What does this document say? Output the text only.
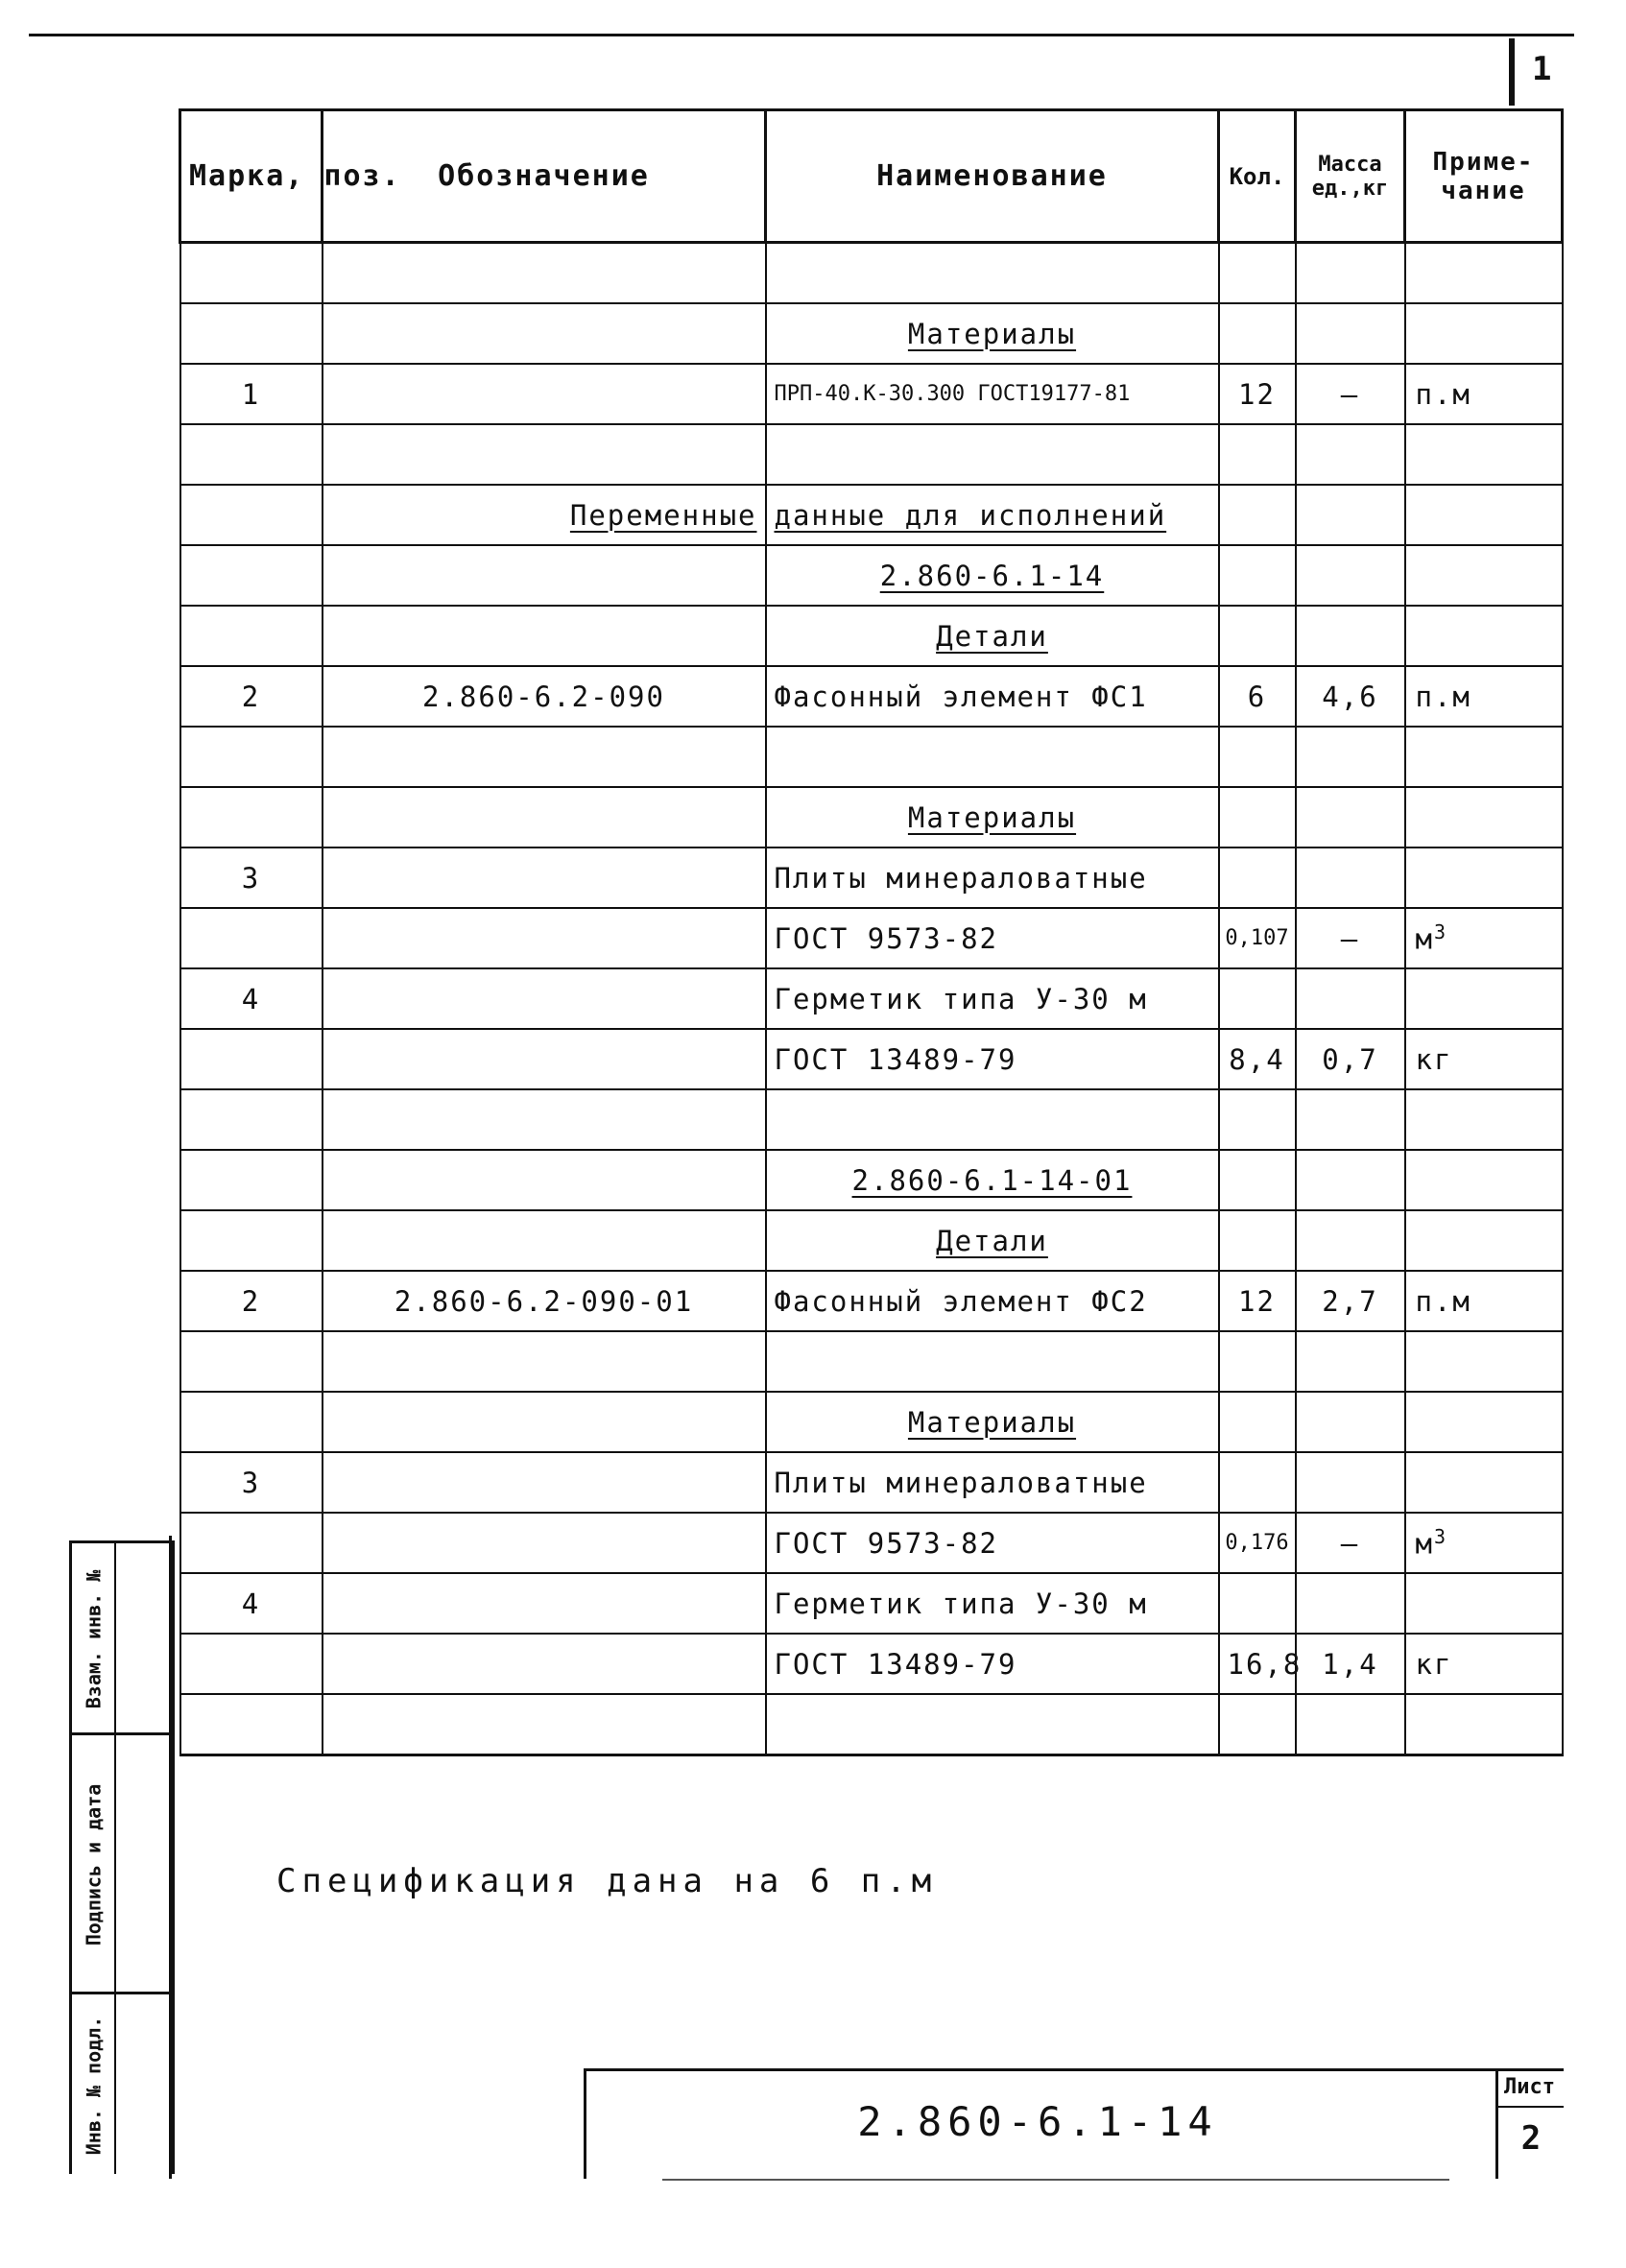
1
Марка, поз.	Обозначение	Наименование	Кол.	Масса ед.,кг	Приме- чание

		Материалы			
1		ПРП-40.К-30.300 ГОСТ19177-81	12	—	п.м

	Переменные	данные для исполнений			
		2.860-6.1-14			
		Детали			
2	2.860-6.2-090	Фасонный элемент ФС1	6	4,6	п.м

		Материалы			
3		Плиты минераловатные			
		ГОСТ 9573-82	0,107	—	$м^3$
4		Герметик типа У-30 м			
		ГОСТ 13489-79	8,4	0,7	кг

		2.860-6.1-14-01			
		Детали			
2	2.860-6.2-090-01	Фасонный элемент ФС2	12	2,7	п.м

		Материалы			
3		Плиты минераловатные			
		ГОСТ 9573-82	0,176	—	$м^3$
4		Герметик типа У-30 м			
		ГОСТ 13489-79	16,8	1,4	кг

Взам. инв. №
Подпись и дата
Инв. № подл.
Спецификация дана на 6 п.м
2.860-6.1-14
Лист
2
